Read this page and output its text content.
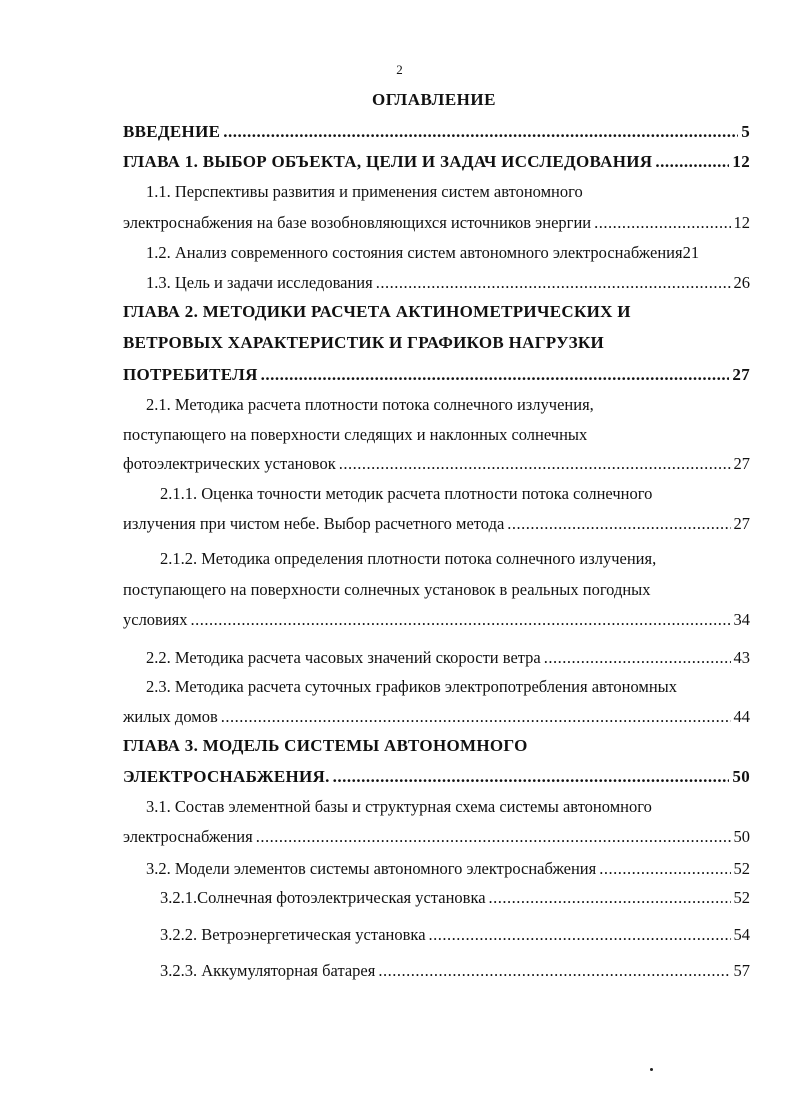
2
ОГЛАВЛЕНИЕ
ВВЕДЕНИЕ .....	5
ГЛАВА 1. ВЫБОР ОБЪЕКТА, ЦЕЛИ И ЗАДАЧ ИССЛЕДОВАНИЯ .....	12
1.1. Перспективы развития и применения систем автономного
электроснабжения на базе возобновляющихся источников энергии .....	12
1.2. Анализ современного состояния систем автономного электроснабжения21
1.3. Цель и задачи исследования .....	26
ГЛАВА 2. МЕТОДИКИ РАСЧЕТА АКТИНОМЕТРИЧЕСКИХ И
ВЕТРОВЫХ ХАРАКТЕРИСТИК И ГРАФИКОВ НАГРУЗКИ
ПОТРЕБИТЕЛЯ .....	27
2.1. Методика расчета плотности потока солнечного излучения,
поступающего на поверхности следящих и наклонных солнечных
фотоэлектрических установок .....	27
2.1.1. Оценка точности методик расчета плотности потока солнечного
излучения при чистом небе. Выбор расчетного метода .....	27
2.1.2. Методика определения плотности потока солнечного излучения,
поступающего на поверхности солнечных установок в реальных погодных
условиях .....	34
2.2. Методика расчета часовых значений скорости ветра .....	43
2.3. Методика расчета суточных графиков электропотребления автономных
жилых домов .....	44
ГЛАВА 3. МОДЕЛЬ СИСТЕМЫ АВТОНОМНОГО
ЭЛЕКТРОСНАБЖЕНИЯ. .....	50
3.1. Состав элементной базы и структурная схема системы автономного
электроснабжения .....	50
3.2. Модели элементов системы автономного электроснабжения .....	52
3.2.1.Солнечная фотоэлектрическая установка .....	52
3.2.2. Ветроэнергетическая установка .....	54
3.2.3. Аккумуляторная батарея .....	57
